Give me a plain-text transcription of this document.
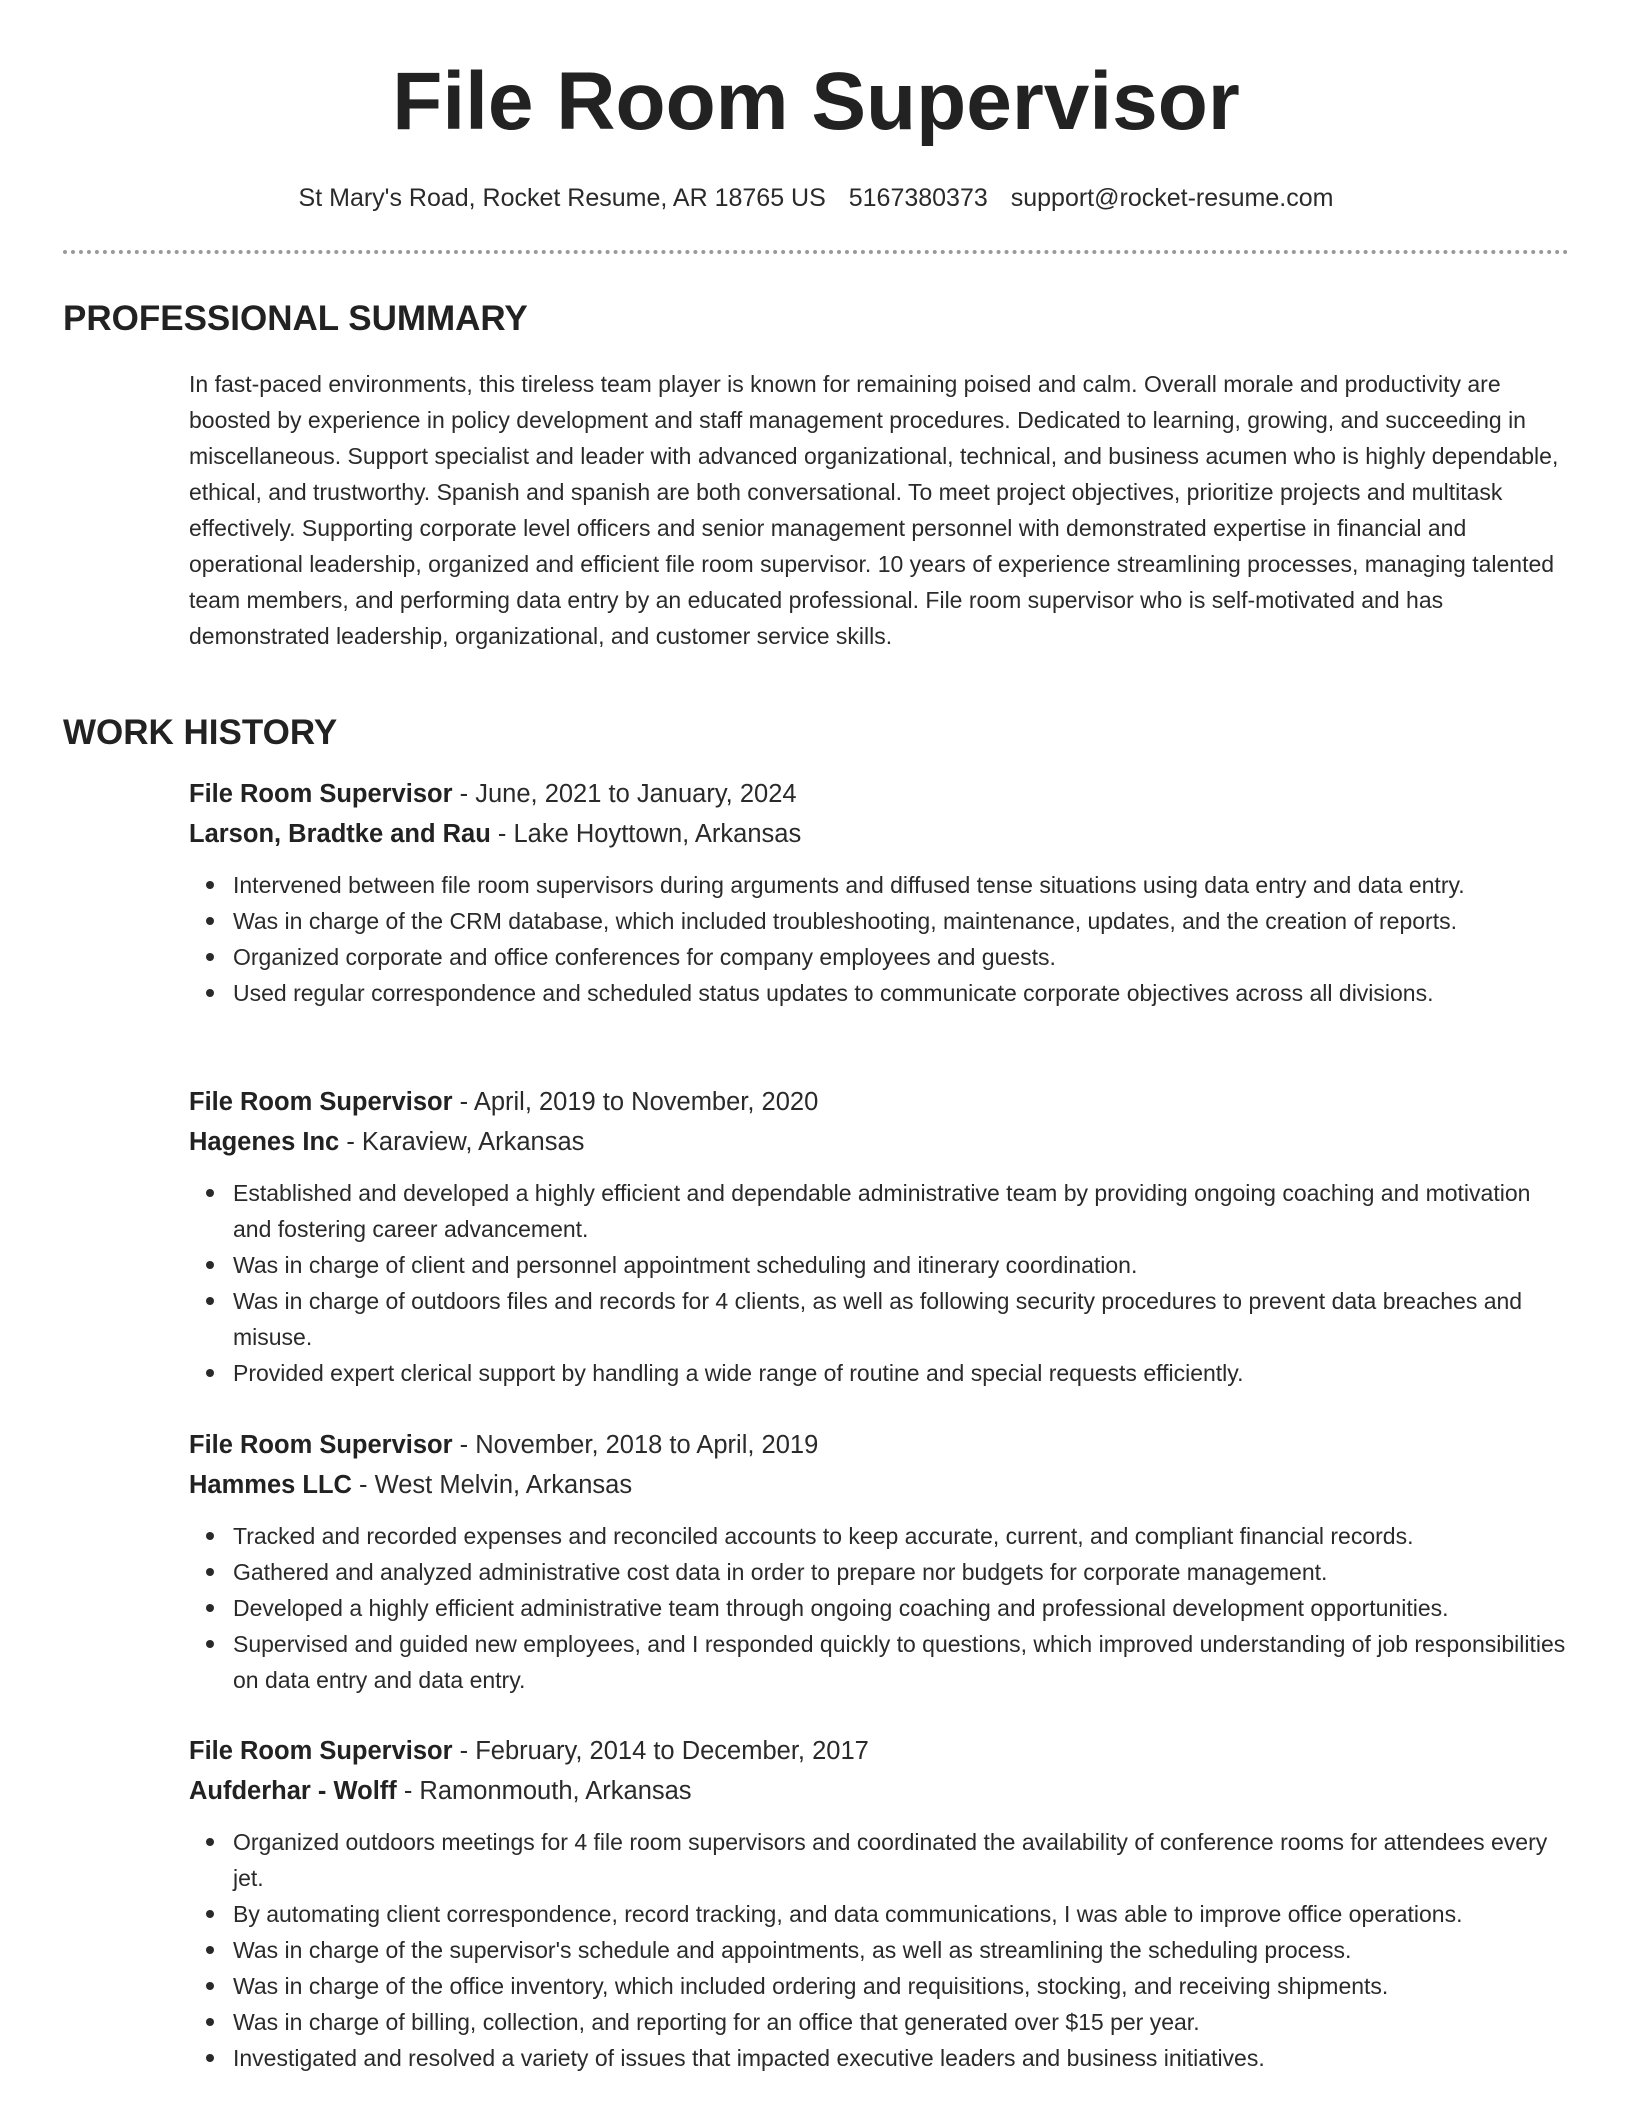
File Room Supervisor
St Mary's Road, Rocket Resume, AR 18765 US 5167380373 support@rocket-resume.com
PROFESSIONAL SUMMARY
In fast-paced environments, this tireless team player is known for remaining poised and calm. Overall morale and productivity are boosted by experience in policy development and staff management procedures. Dedicated to learning, growing, and succeeding in miscellaneous. Support specialist and leader with advanced organizational, technical, and business acumen who is highly dependable, ethical, and trustworthy. Spanish and spanish are both conversational. To meet project objectives, prioritize projects and multitask effectively. Supporting corporate level officers and senior management personnel with demonstrated expertise in financial and operational leadership, organized and efficient file room supervisor. 10 years of experience streamlining processes, managing talented team members, and performing data entry by an educated professional. File room supervisor who is self-motivated and has demonstrated leadership, organizational, and customer service skills.
WORK HISTORY
File Room Supervisor - June, 2021 to January, 2024
Larson, Bradtke and Rau - Lake Hoyttown, Arkansas
Intervened between file room supervisors during arguments and diffused tense situations using data entry and data entry.
Was in charge of the CRM database, which included troubleshooting, maintenance, updates, and the creation of reports.
Organized corporate and office conferences for company employees and guests.
Used regular correspondence and scheduled status updates to communicate corporate objectives across all divisions.
File Room Supervisor - April, 2019 to November, 2020
Hagenes Inc - Karaview, Arkansas
Established and developed a highly efficient and dependable administrative team by providing ongoing coaching and motivation and fostering career advancement.
Was in charge of client and personnel appointment scheduling and itinerary coordination.
Was in charge of outdoors files and records for 4 clients, as well as following security procedures to prevent data breaches and misuse.
Provided expert clerical support by handling a wide range of routine and special requests efficiently.
File Room Supervisor - November, 2018 to April, 2019
Hammes LLC - West Melvin, Arkansas
Tracked and recorded expenses and reconciled accounts to keep accurate, current, and compliant financial records.
Gathered and analyzed administrative cost data in order to prepare nor budgets for corporate management.
Developed a highly efficient administrative team through ongoing coaching and professional development opportunities.
Supervised and guided new employees, and I responded quickly to questions, which improved understanding of job responsibilities on data entry and data entry.
File Room Supervisor - February, 2014 to December, 2017
Aufderhar - Wolff - Ramonmouth, Arkansas
Organized outdoors meetings for 4 file room supervisors and coordinated the availability of conference rooms for attendees every jet.
By automating client correspondence, record tracking, and data communications, I was able to improve office operations.
Was in charge of the supervisor's schedule and appointments, as well as streamlining the scheduling process.
Was in charge of the office inventory, which included ordering and requisitions, stocking, and receiving shipments.
Was in charge of billing, collection, and reporting for an office that generated over $15 per year.
Investigated and resolved a variety of issues that impacted executive leaders and business initiatives.
